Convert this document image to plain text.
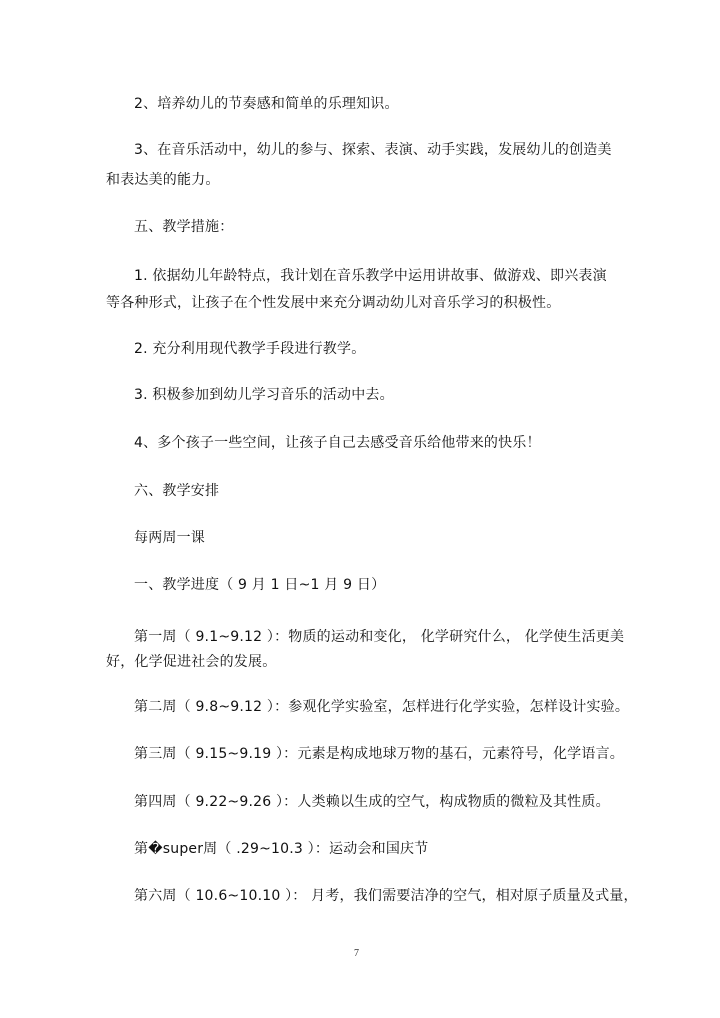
2、培养幼儿的节奏感和简单的乐理知识。
3、在音乐活动中，幼儿的参与、探索、表演、动手实践，发展幼儿的创造美
和表达美的能力。
五、教学措施：
1. 依据幼儿年龄特点，我计划在音乐教学中运用讲故事、做游戏、即兴表演
等各种形式，让孩子在个性发展中来充分调动幼儿对音乐学习的积极性。
2. 充分利用现代教学手段进行教学。
3. 积极参加到幼儿学习音乐的活动中去。
4、多个孩子一些空间，让孩子自己去感受音乐给他带来的快乐！
六、教学安排
每两周一课
一、教学进度（ 9 月 1 日~1 月 9 日）
第一周（ 9.1~9.12 ）：物质的运动和变化， 化学研究什么， 化学使生活更美
好，化学促进社会的发展。
第二周（ 9.8~9.12 ）：参观化学实验室，怎样进行化学实验，怎样设计实验。
第三周（ 9.15~9.19 ）：元素是构成地球万物的基石，元素符号，化学语言。
第四周（ 9.22~9.26 ）：人类赖以生成的空气，构成物质的微粒及其性质。
第�super周（ .29~10.3 ）：运动会和国庆节
第六周（ 10.6~10.10 ）： 月考，我们需要洁净的空气，相对原子质量及式量，
7
